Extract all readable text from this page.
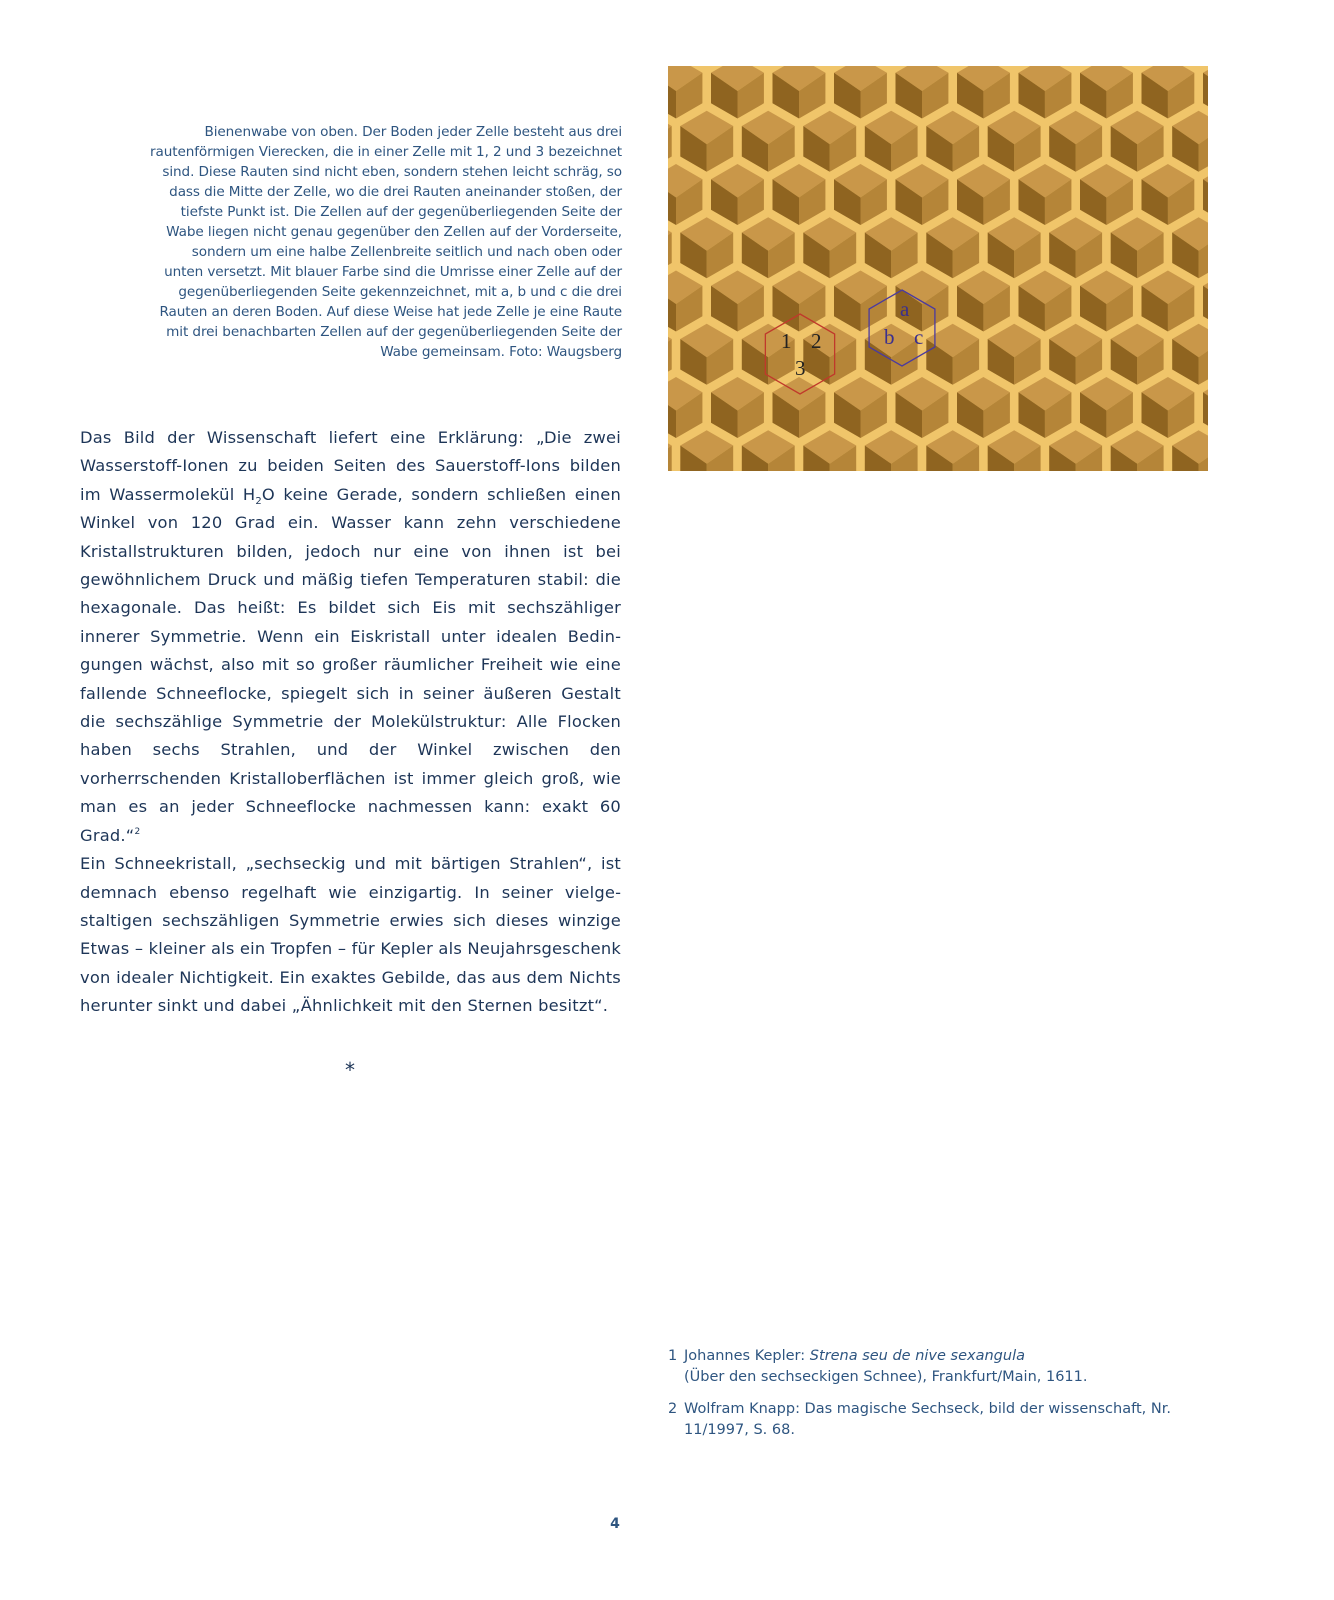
Bienenwabe von oben. Der Boden jeder Zelle besteht aus drei
rautenförmigen Vierecken, die in einer Zelle mit 1, 2 und 3 bezeichnet
sind. Diese Rauten sind nicht eben, sondern stehen leicht schräg, so
dass die Mitte der Zelle, wo die drei Rauten aneinander stoßen, der
tiefste Punkt ist. Die Zellen auf der gegenüberliegenden Seite der
Wabe liegen nicht genau gegenüber den Zellen auf der Vorderseite,
sondern um eine halbe Zellenbreite seitlich und nach oben oder
unten versetzt. Mit blauer Farbe sind die Umrisse einer Zelle auf der
gegenüberliegenden Seite gekennzeichnet, mit a, b und c die drei
Rauten an deren Boden. Auf diese Weise hat jede Zelle je eine Raute
mit drei benachbarten Zellen auf der gegenüberliegenden Seite der
Wabe gemeinsam. Foto: Waugsberg	1 2
3
a
b c

Das Bild der Wissenschaft liefert eine Erklärung: „Die zwei Wasserstoff-Ionen zu beiden Seiten des Sauerstoff-Ions bilden im Wassermolekül $H_2O$ keine Gerade, sondern schließen einen Winkel von 120 Grad ein. Wasser kann zehn verschiedene Kristallstrukturen bilden, jedoch nur eine von ihnen ist bei gewöhnlichem Druck und mäßig tiefen Temperaturen stabil: die hexagonale. Das heißt: Es bildet sich Eis mit sechszähliger innerer Symmetrie. Wenn ein Eiskristall unter idealen Bedingungen wächst, also mit so großer räumlicher Freiheit wie eine fallende Schneeflocke, spiegelt sich in seiner äußeren Gestalt die sechszählige Symmetrie der Molekülstruktur: Alle Flocken haben sechs Strahlen, und der Winkel zwischen den vorherrschenden Kristalloberflächen ist immer gleich groß, wie man es an jeder Schneeflocke nachmessen kann: exakt 60 Grad.“$^2$

Ein Schneekristall, „sechseckig und mit bärtigen Strahlen“, ist demnach ebenso regelhaft wie einzigartig. In seiner vielgestaltigen sechszähligen Symmetrie erwies sich dieses winzige Etwas – kleiner als ein Tropfen – für Kepler als Neujahrsgeschenk von idealer Nichtigkeit. Ein exaktes Gebilde, das aus dem Nichts herunter sinkt und dabei „Ähnlichkeit mit den Sternen besitzt“.

*
1 Johannes Kepler: Strena seu de nive sexangula
(Über den sechseckigen Schnee), Frankfurt/Main, 1611.
2 Wolfram Knapp: Das magische Sechseck, bild der wissenschaft, Nr. 11/1997, S. 68.
4
